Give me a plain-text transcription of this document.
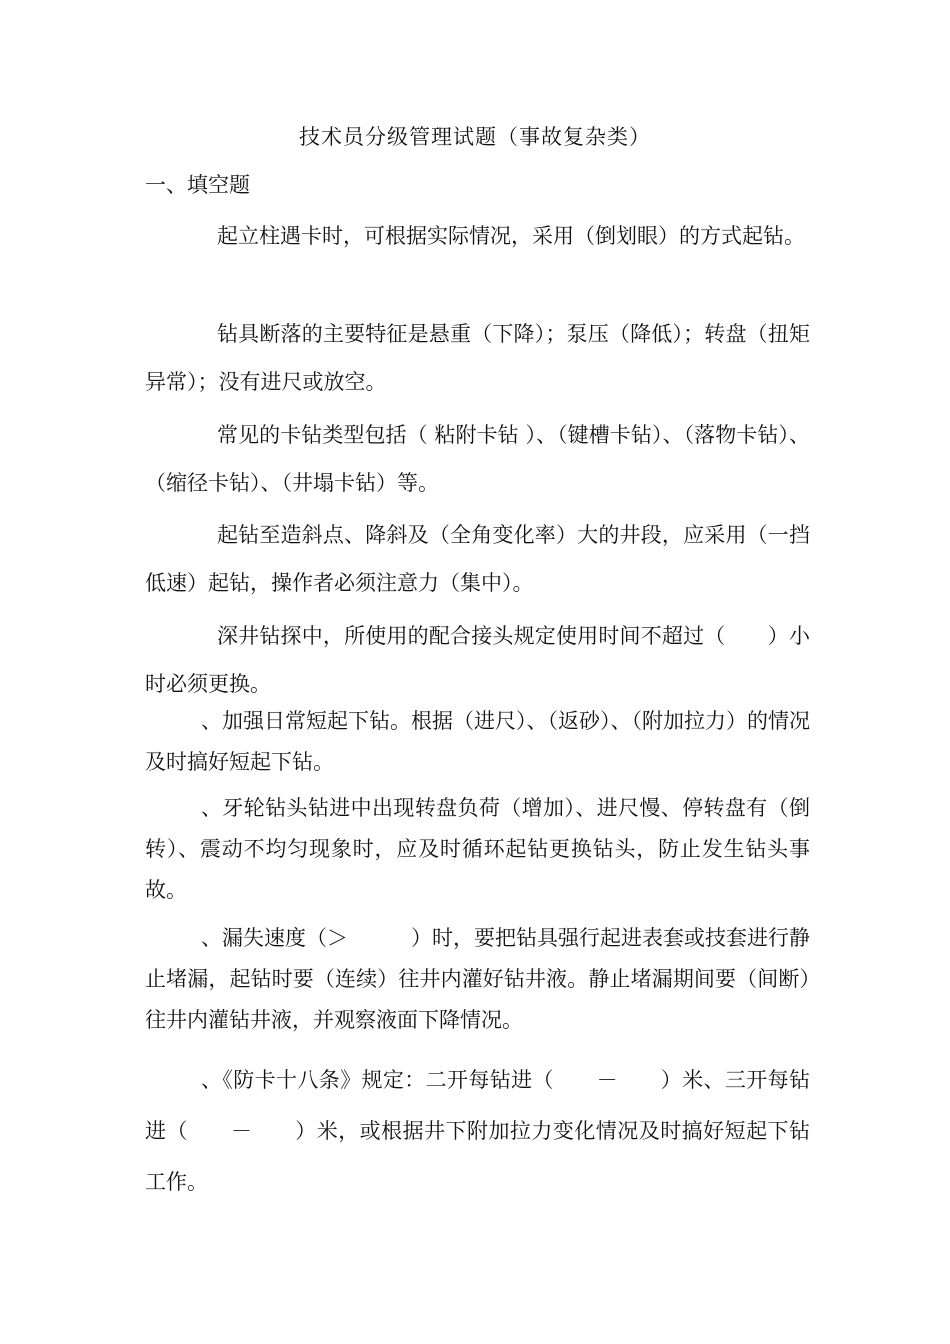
技术员分级管理试题（事故复杂类）
一、填空题

起立柱遇卡时，可根据实际情况，采用（倒划眼）的方式起钻。

钻具断落的主要特征是悬重（下降）；泵压（降低）；转盘（扭矩异常）；没有进尺或放空。

常见的卡钻类型包括（ 粘附卡钻 ）、（键槽卡钻）、（落物卡钻）、（缩径卡钻）、（井塌卡钻）等。

起钻至造斜点、降斜及（全角变化率）大的井段，应采用（一挡低速）起钻，操作者必须注意力（集中）。

深井钻探中，所使用的配合接头规定使用时间不超过（　　）小时必须更换。

、加强日常短起下钻。根据（进尺）、（返砂）、（附加拉力）的情况及时搞好短起下钻。

、牙轮钻头钻进中出现转盘负荷（增加）、进尺慢、停转盘有（倒转）、震动不均匀现象时，应及时循环起钻更换钻头，防止发生钻头事故。

、漏失速度（＞　　　）时，要把钻具强行起进表套或技套进行静止堵漏，起钻时要（连续）往井内灌好钻井液。静止堵漏期间要（间断）往井内灌钻井液，并观察液面下降情况。

、《防卡十八条》规定：二开每钻进（　　－　　）米、三开每钻进（　　－　　）米，或根据井下附加拉力变化情况及时搞好短起下钻工作。
